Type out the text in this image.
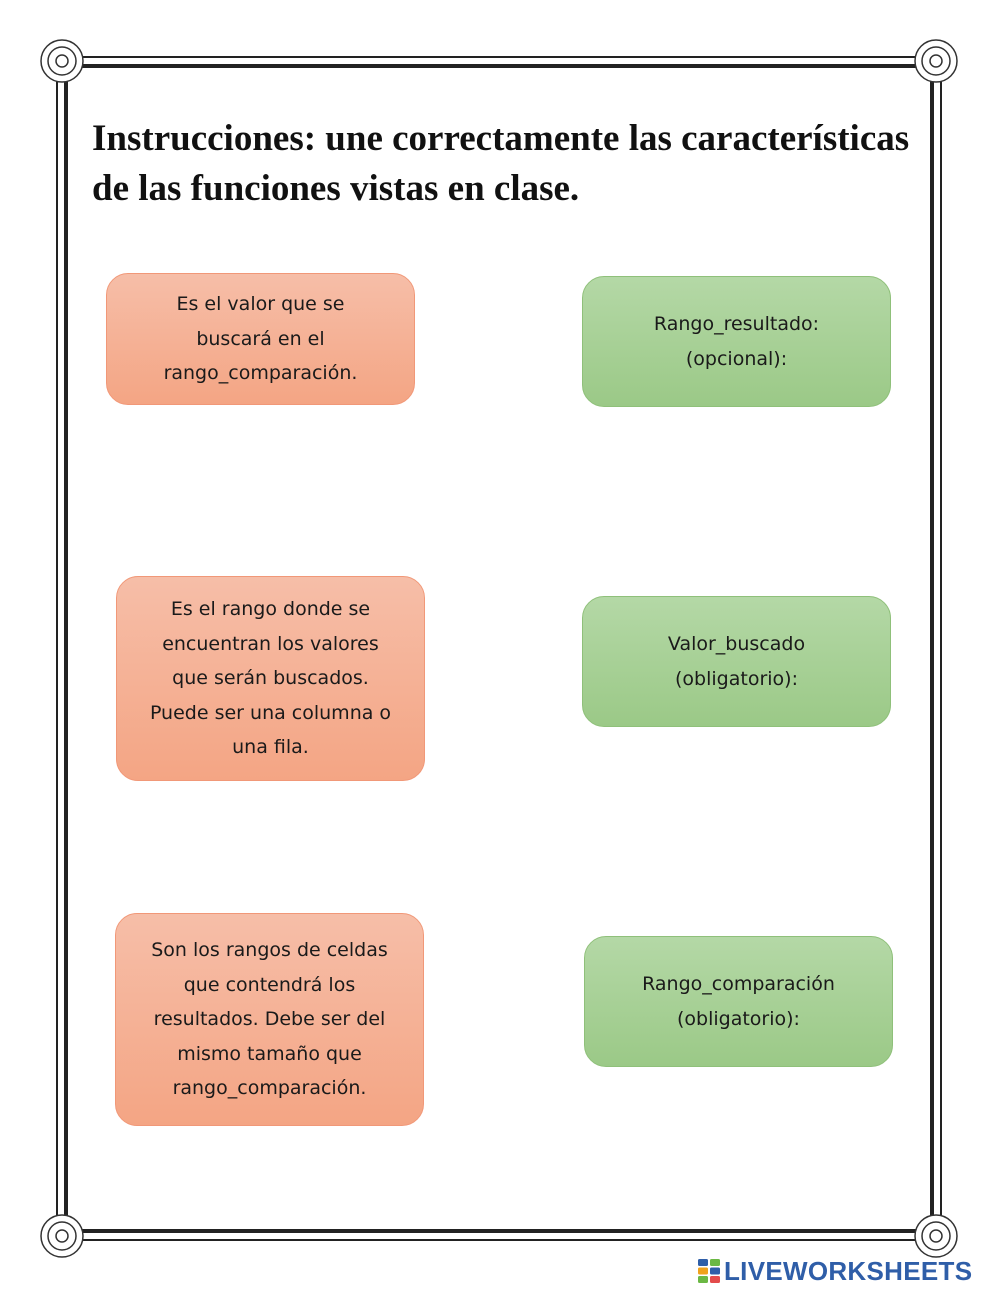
Instrucciones: une correctamente las características de las funciones vistas en clase.
Es el valor que se
buscará en el
rango_comparación.
Es el rango donde se
encuentran los valores
que serán buscados.
Puede ser una columna o
una fila.
Son los rangos de celdas
que contendrá los
resultados. Debe ser del
mismo tamaño que
rango_comparación.
Rango_resultado:
(opcional):
Valor_buscado
(obligatorio):
Rango_comparación
(obligatorio):
LIVEWORKSHEETS
